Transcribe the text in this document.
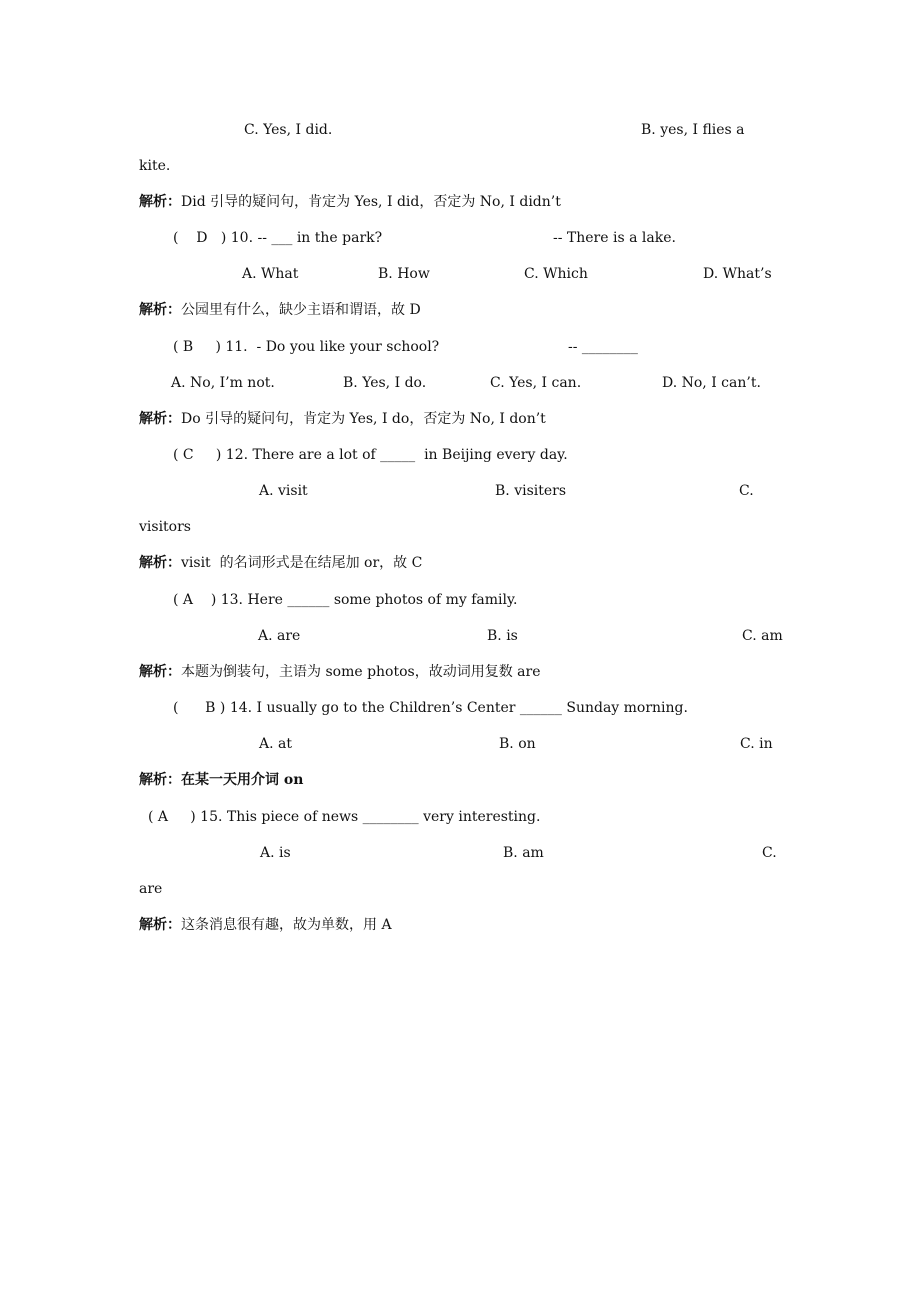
C. Yes, I did.	B. yes, I flies a
kite.
解析：Did 引导的疑问句，肯定为 Yes, I did，否定为 No, I didn’t
(    D   ) 10. -- ___ in the park?	-- There is a lake.
A. What	B. How	C. Which	D. What’s
解析：公园里有什么，缺少主语和谓语，故 D
( B     ) 11.  - Do you like your school?	-- ________
A. No, I’m not.	B. Yes, I do.	C. Yes, I can.	D. No, I can’t.
解析：Do 引导的疑问句，肯定为 Yes, I do，否定为 No, I don’t
( C     ) 12. There are a lot of _____  in Beijing every day.
A. visit	B. visiters	C.
visitors
解析：visit  的名词形式是在结尾加 or，故 C
( A    ) 13. Here ______ some photos of my family.
A. are	B. is	C. am
解析：本题为倒装句，主语为 some photos，故动词用复数 are
(      B ) 14. I usually go to the Children’s Center ______ Sunday morning.
A. at	B. on	C. in
解析：在某一天用介词 on
( A     ) 15. This piece of news ________ very interesting.
A. is	B. am	C.
are
解析：这条消息很有趣，故为单数，用 A
